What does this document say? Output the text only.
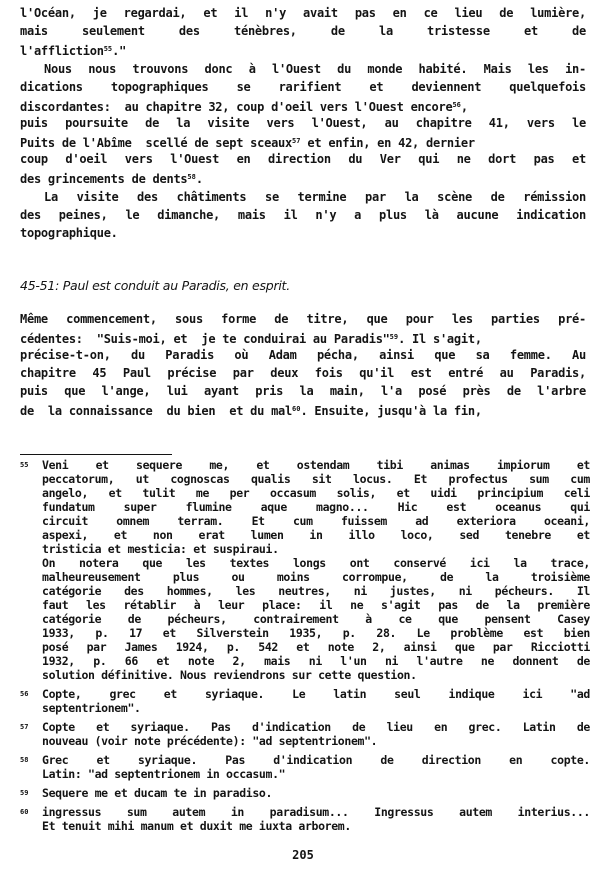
l'Océan, je regardai, et il n'y avait pas en ce lieu de lumière,
mais seulement des ténèbres, de la tristesse et de
l'affliction$^{55}$."
Nous nous trouvons donc à l'Ouest du monde habité. Mais les in-
dications topographiques se rarifient et deviennent quelquefois
discordantes:  au chapitre 32, coup d'oeil vers l'Ouest encore$^{56}$,
puis poursuite de la visite vers l'Ouest, au chapitre 41, vers le
Puits de l'Abîme  scellé de sept sceaux$^{57}$ et enfin, en 42, dernier
coup d'oeil vers l'Ouest en direction du Ver qui ne dort pas et
des grincements de dents$^{58}$.
La visite des châtiments se termine par la scène de rémission
des peines, le dimanche, mais il n'y a plus là aucune indication
topographique.
45-51: Paul est conduit au Paradis, en esprit.
Même commencement, sous forme de titre, que pour les parties pré-
cédentes:  "Suis-moi, et  je te conduirai au Paradis"$^{59}$. Il s'agit,
précise-t-on, du Paradis où Adam pécha, ainsi que sa femme. Au
chapitre 45 Paul précise par deux fois qu'il est entré au Paradis,
puis que l'ange, lui ayant pris la main, l'a posé près de l'arbre
de  la connaissance  du bien  et du mal$^{60}$. Ensuite, jusqu'à la fin,
55	Veni et sequere me, et ostendam tibi animas impiorum et
peccatorum, ut cognoscas qualis sit locus. Et profectus sum cum
angelo, et tulit me per occasum solis, et uidi principium celi
fundatum super flumine aque magno... Hic est oceanus qui
circuit omnem terram. Et cum fuissem ad exteriora oceani,
aspexi, et non erat lumen in illo loco, sed tenebre et
tristicia et mesticia: et suspiraui.
On notera que les textes longs ont conservé ici la trace,
malheureusement plus ou moins corrompue, de la troisième
catégorie des hommes, les neutres, ni justes, ni pécheurs. Il
faut les rétablir à leur place: il ne s'agit pas de la première
catégorie de pécheurs, contrairement à ce que pensent Casey
1933, p. 17 et Silverstein 1935, p. 28. Le problème est bien
posé par James 1924, p. 542 et note 2, ainsi que par Ricciotti
1932, p. 66 et note 2, mais ni l'un ni l'autre ne donnent de
solution définitive. Nous reviendrons sur cette question.
56	Copte, grec et syriaque. Le latin seul indique ici "ad
septentrionem".
57	Copte et syriaque. Pas d'indication de lieu en grec. Latin de
nouveau (voir note précédente): "ad septentrionem".
58	Grec et syriaque. Pas d'indication de direction en copte.
Latin: "ad septentrionem in occasum."
59	Sequere me et ducam te in paradiso.
60	ingressus sum autem in paradisum... Ingressus autem interius...
Et tenuit mihi manum et duxit me iuxta arborem.
205
